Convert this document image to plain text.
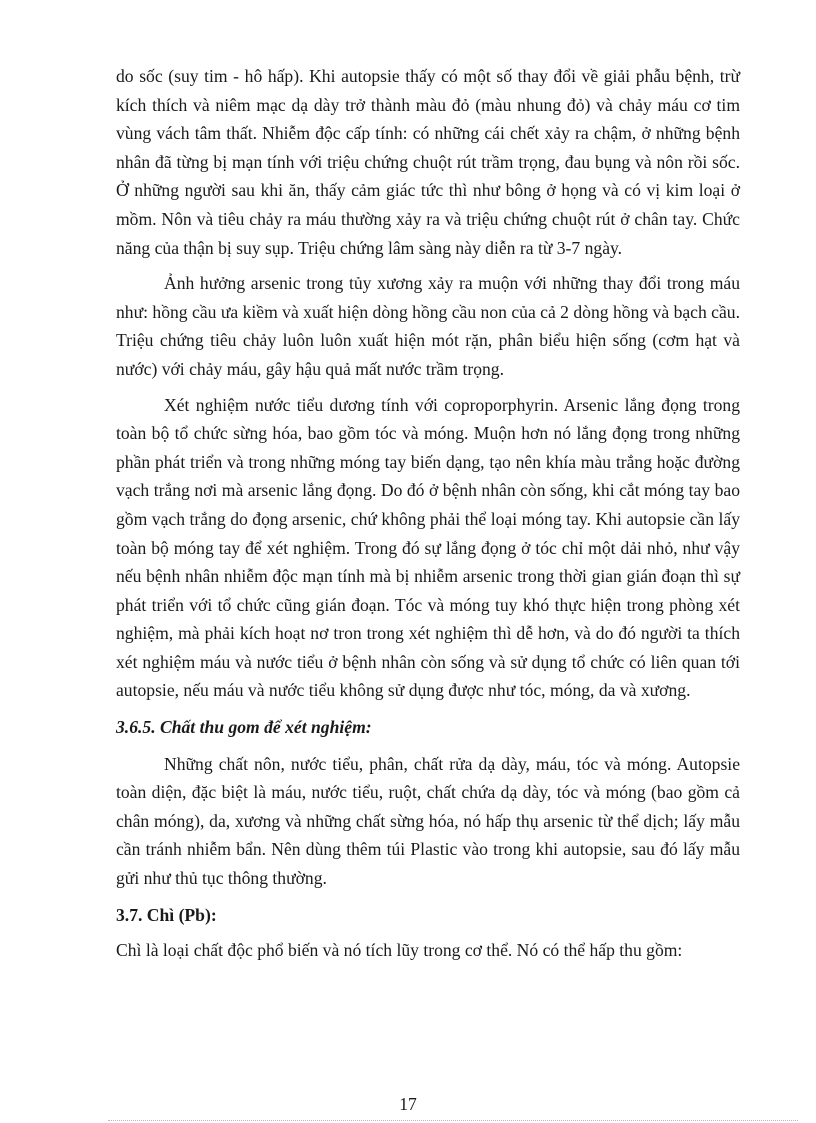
do sốc (suy tim - hô hấp). Khi autopsie thấy có một số thay đổi về giải phẫu bệnh, trừ kích thích và niêm mạc dạ dày trở thành màu đỏ (màu nhung đỏ) và chảy máu cơ tim vùng vách tâm thất. Nhiễm độc cấp tính: có những cái chết xảy ra chậm, ở những bệnh nhân đã từng bị mạn tính với triệu chứng chuột rút trầm trọng, đau bụng và nôn rồi sốc. Ở những người sau khi ăn, thấy cảm giác tức thì như bông ở họng và có vị kim loại ở mồm. Nôn và tiêu chảy ra máu thường xảy ra và triệu chứng chuột rút ở chân tay. Chức năng của thận bị suy sụp. Triệu chứng lâm sàng này diễn ra từ 3-7 ngày.

Ảnh hưởng arsenic trong tủy xương xảy ra muộn với những thay đổi trong máu như: hồng cầu ưa kiềm và xuất hiện dòng hồng cầu non của cả 2 dòng hồng và bạch cầu. Triệu chứng tiêu chảy luôn luôn xuất hiện mót rặn, phân biểu hiện sống (cơm hạt và nước) với chảy máu, gây hậu quả mất nước trầm trọng.

Xét nghiệm nước tiểu dương tính với coproporphyrin. Arsenic lắng đọng trong toàn bộ tổ chức sừng hóa, bao gồm tóc và móng. Muộn hơn nó lắng đọng trong những phần phát triển và trong những móng tay biến dạng, tạo nên khía màu trắng hoặc đường vạch trắng nơi mà arsenic lắng đọng. Do đó ở bệnh nhân còn sống, khi cắt móng tay bao gồm vạch trắng do đọng arsenic, chứ không phải thể loại móng tay. Khi autopsie cần lấy toàn bộ móng tay để xét nghiệm. Trong đó sự lắng đọng ở tóc chỉ một dải nhỏ, như vậy nếu bệnh nhân nhiễm độc mạn tính mà bị nhiễm arsenic trong thời gian gián đoạn thì sự phát triển với tổ chức cũng gián đoạn. Tóc và móng tuy khó thực hiện trong phòng xét nghiệm, mà phải kích hoạt nơ tron trong xét nghiệm thì dễ hơn, và do đó người ta thích xét nghiệm máu và nước tiểu ở bệnh nhân còn sống và sử dụng tổ chức có liên quan tới autopsie, nếu máu và nước tiểu không sử dụng được như tóc, móng, da và xương.

3.6.5. Chất thu gom để xét nghiệm:

Những chất nôn, nước tiểu, phân, chất rửa dạ dày, máu, tóc và móng. Autopsie toàn diện, đặc biệt là máu, nước tiểu, ruột, chất chứa dạ dày, tóc và móng (bao gồm cả chân móng), da, xương và những chất sừng hóa, nó hấp thụ arsenic từ thể dịch; lấy mẫu cần tránh nhiễm bẩn. Nên dùng thêm túi Plastic vào trong khi autopsie, sau đó lấy mẫu gửi như thủ tục thông thường.

3.7. Chì (Pb):

Chì là loại chất độc phổ biến và nó tích lũy trong cơ thể. Nó có thể hấp thu gồm:

17
